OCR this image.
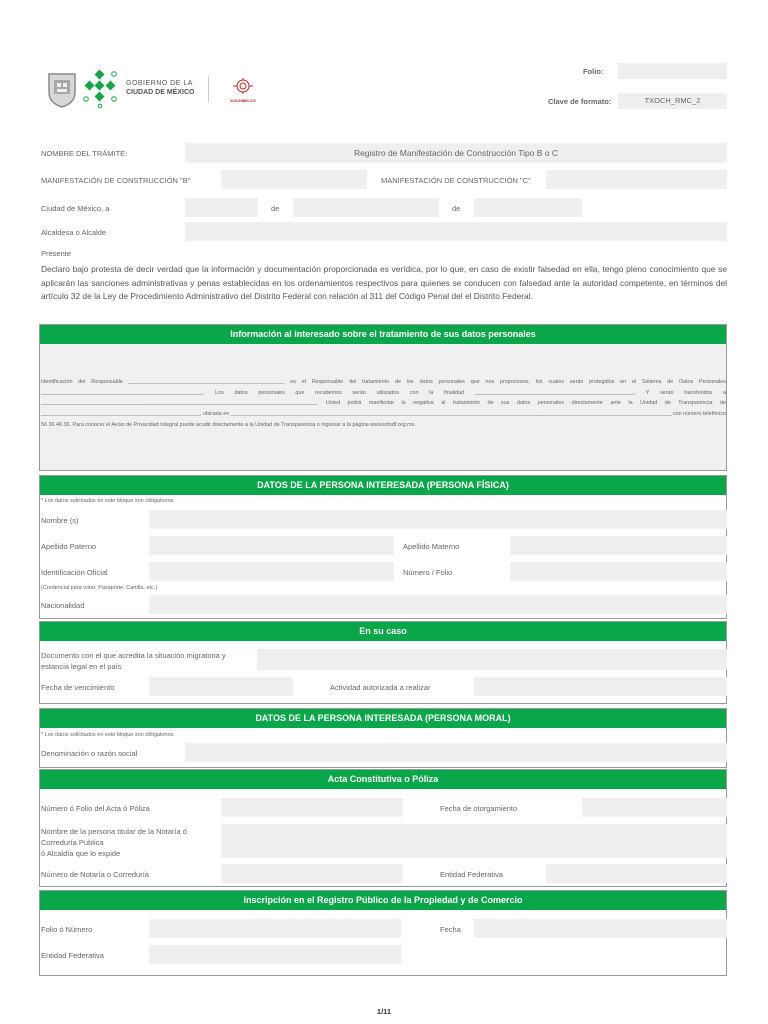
GOBIERNO DE LA
CIUDAD DE MÉXICO
XOCHIMILCO
Folio:
Clave de formato:	TXOCH_RMC_2
NOMBRE DEL TRÁMITE:	Registro de Manifestación de Construcción Tipo B o C
MANIFESTACIÓN DE CONSTRUCCIÓN "B"	MANIFESTACIÓN DE CONSTRUCCIÓN "C"
Ciudad de México, a	de	de
Alcaldesa o Alcalde
Presente
Declaro bajo protesta de decir verdad que la información y documentación proporcionada es verídica, por lo que, en caso de existir falsedad en ella, tengo pleno conocimiento que se aplicarán las sanciones administrativas y penas establecidas en los ordenamientos respectivos para quienes se conducen con falsedad ante la autoridad competente, en términos del artículo 32 de la Ley de Procedimiento Administrativo del Distrito Federal con relación al 311 del Código Penal del el Distrito Federal.
Información al interesado sobre el tratamiento de sus datos personales
Identificación del Responsable ____________________________________________________ es el Responsable del tratamiento de los datos personales que nos proporcione, los cuales serán protegidos en el Sistema de Datos Personales ______________________________________________________. Los datos personales que recabemos serán utilizados con la finalidad _____________________________________________________, Y serán transferidos a ____________________________________________________________________________________________. Usted podrá manifestar la negativa al tratamiento de sus datos personales directamente ante la Unidad de Transparencia de _____________________________________________________, ubicada en ___________________________________________________________________________________________________________________________________________________ con número telefónico 56 36 46 36. Para conocer el Aviso de Privacidad Integral puede acudir directamente a la Unidad de Transparencia o ingresar a la página www.infodf.org.mx.
DATOS DE LA PERSONA INTERESADA (PERSONA FÍSICA)
* Los datos solicitados en este bloque son obligatorios.
Nombre (s)
Apellido Paterno	Apellido Materno
Identificación Oficial	Número / Folio
(Credencial para votar, Pasaporte, Cartilla, etc.)
Nacionalidad
En su caso
Documento con el que acredita la situación migratoria y
estancia legal en el país
Fecha de vencimiento	Actividad autorizada a realizar
DATOS DE LA PERSONA INTERESADA (PERSONA MORAL)
* Los datos solicitados en este bloque son obligatorios.
Denominación o razón social
Acta Constitutiva o Póliza
Número ó Folio del Acta ó Póliza	Fecha de otorgamiento
Nombre de la persona titular de la Notaría ó
Correduría Pública
ó Alcaldía que lo expide
Número de Notaría o Correduría	Entidad Federativa
Inscripción en el Registro Público de la Propiedad y de Comercio
Folio ó Número	Fecha
Entidad Federativa
1/11
